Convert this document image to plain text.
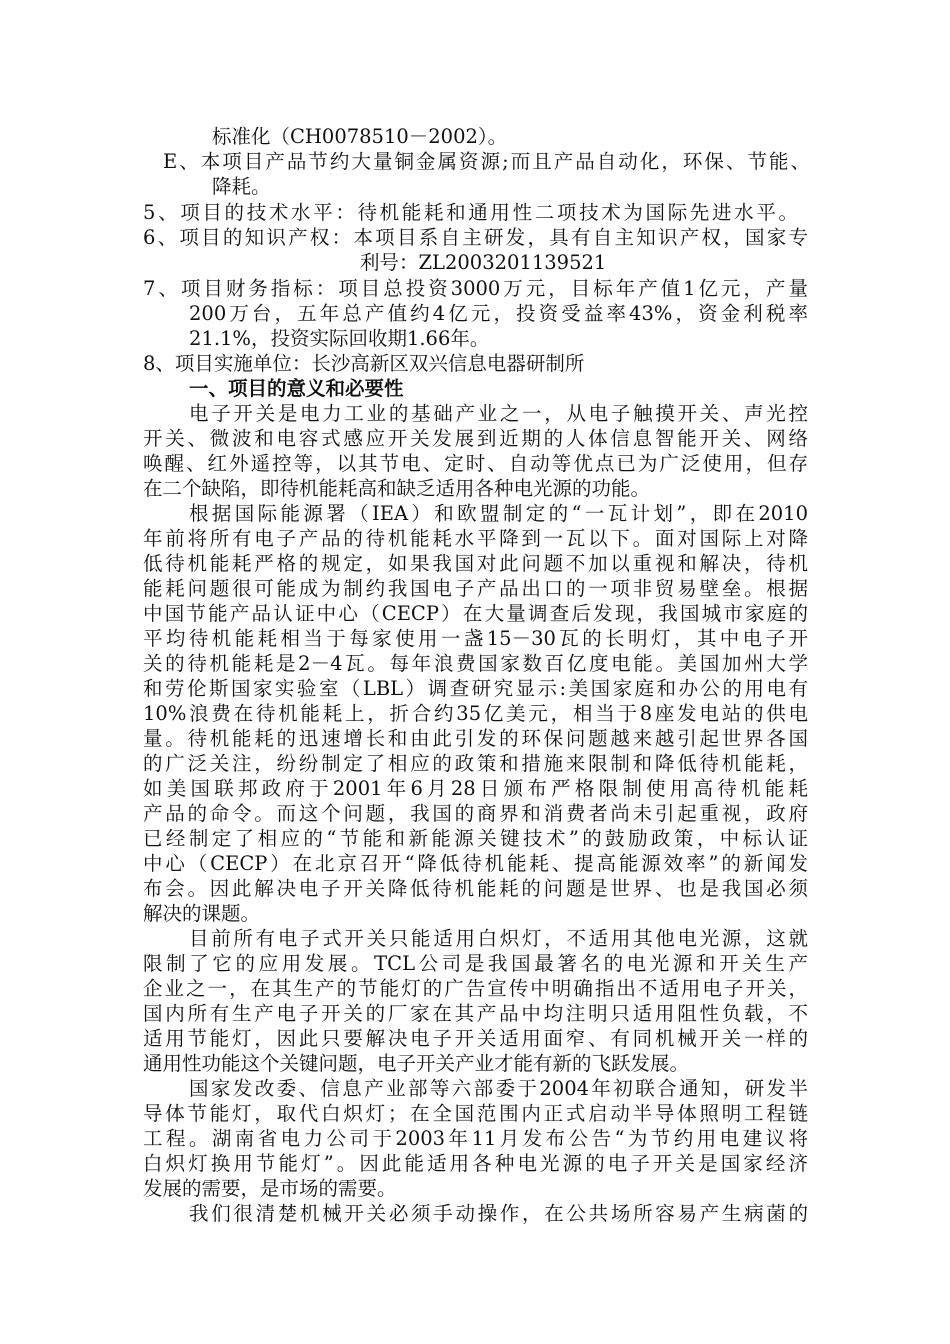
标准化（CH0078510－2002）。
E、本项目产品节约大量铜金属资源;而且产品自动化，环保、节能、
降耗。
5、项目的技术水平：待机能耗和通用性二项技术为国际先进水平。
6、项目的知识产权：本项目系自主研发，具有自主知识产权，国家专
利号：ZL2003201139521
7、项目财务指标：项目总投资3000万元，目标年产值1亿元，产量
200万台，五年总产值约4亿元，投资受益率43%，资金利税率
21.1%，投资实际回收期1.66年。
8、项目实施单位：长沙高新区双兴信息电器研制所
一、项目的意义和必要性
电子开关是电力工业的基础产业之一，从电子触摸开关、声光控
开关、微波和电容式感应开关发展到近期的人体信息智能开关、网络
唤醒、红外遥控等，以其节电、定时、自动等优点已为广泛使用，但存
在二个缺陷，即待机能耗高和缺乏适用各种电光源的功能。
根据国际能源署（IEA）和欧盟制定的“一瓦计划”，即在2010
年前将所有电子产品的待机能耗水平降到一瓦以下。面对国际上对降
低待机能耗严格的规定，如果我国对此问题不加以重视和解决，待机
能耗问题很可能成为制约我国电子产品出口的一项非贸易壁垒。根据
中国节能产品认证中心（CECP）在大量调查后发现，我国城市家庭的
平均待机能耗相当于每家使用一盏15－30瓦的长明灯，其中电子开
关的待机能耗是2－4瓦。每年浪费国家数百亿度电能。美国加州大学
和劳伦斯国家实验室（LBL）调查研究显示:美国家庭和办公的用电有
10%浪费在待机能耗上，折合约35亿美元，相当于8座发电站的供电
量。待机能耗的迅速增长和由此引发的环保问题越来越引起世界各国
的广泛关注，纷纷制定了相应的政策和措施来限制和降低待机能耗，
如美国联邦政府于2001年6月28日颁布严格限制使用高待机能耗
产品的命令。而这个问题，我国的商界和消费者尚未引起重视，政府
已经制定了相应的“节能和新能源关键技术”的鼓励政策，中标认证
中心（CECP）在北京召开“降低待机能耗、提高能源效率”的新闻发
布会。因此解决电子开关降低待机能耗的问题是世界、也是我国必须
解决的课题。
目前所有电子式开关只能适用白炽灯，不适用其他电光源，这就
限制了它的应用发展。TCL公司是我国最箸名的电光源和开关生产
企业之一，在其生产的节能灯的广告宣传中明确指出不适用电子开关，
国内所有生产电子开关的厂家在其产品中均注明只适用阻性负载，不
适用节能灯，因此只要解决电子开关适用面窄、有同机械开关一样的
通用性功能这个关键问题，电子开关产业才能有新的飞跃发展。
国家发改委、信息产业部等六部委于2004年初联合通知，研发半
导体节能灯，取代白炽灯；在全国范围内正式启动半导体照明工程链
工程。湖南省电力公司于2003年11月发布公告“为节约用电建议将
白炽灯换用节能灯”。因此能适用各种电光源的电子开关是国家经济
发展的需要，是市场的需要。
我们很清楚机械开关必须手动操作，在公共场所容易产生病菌的
